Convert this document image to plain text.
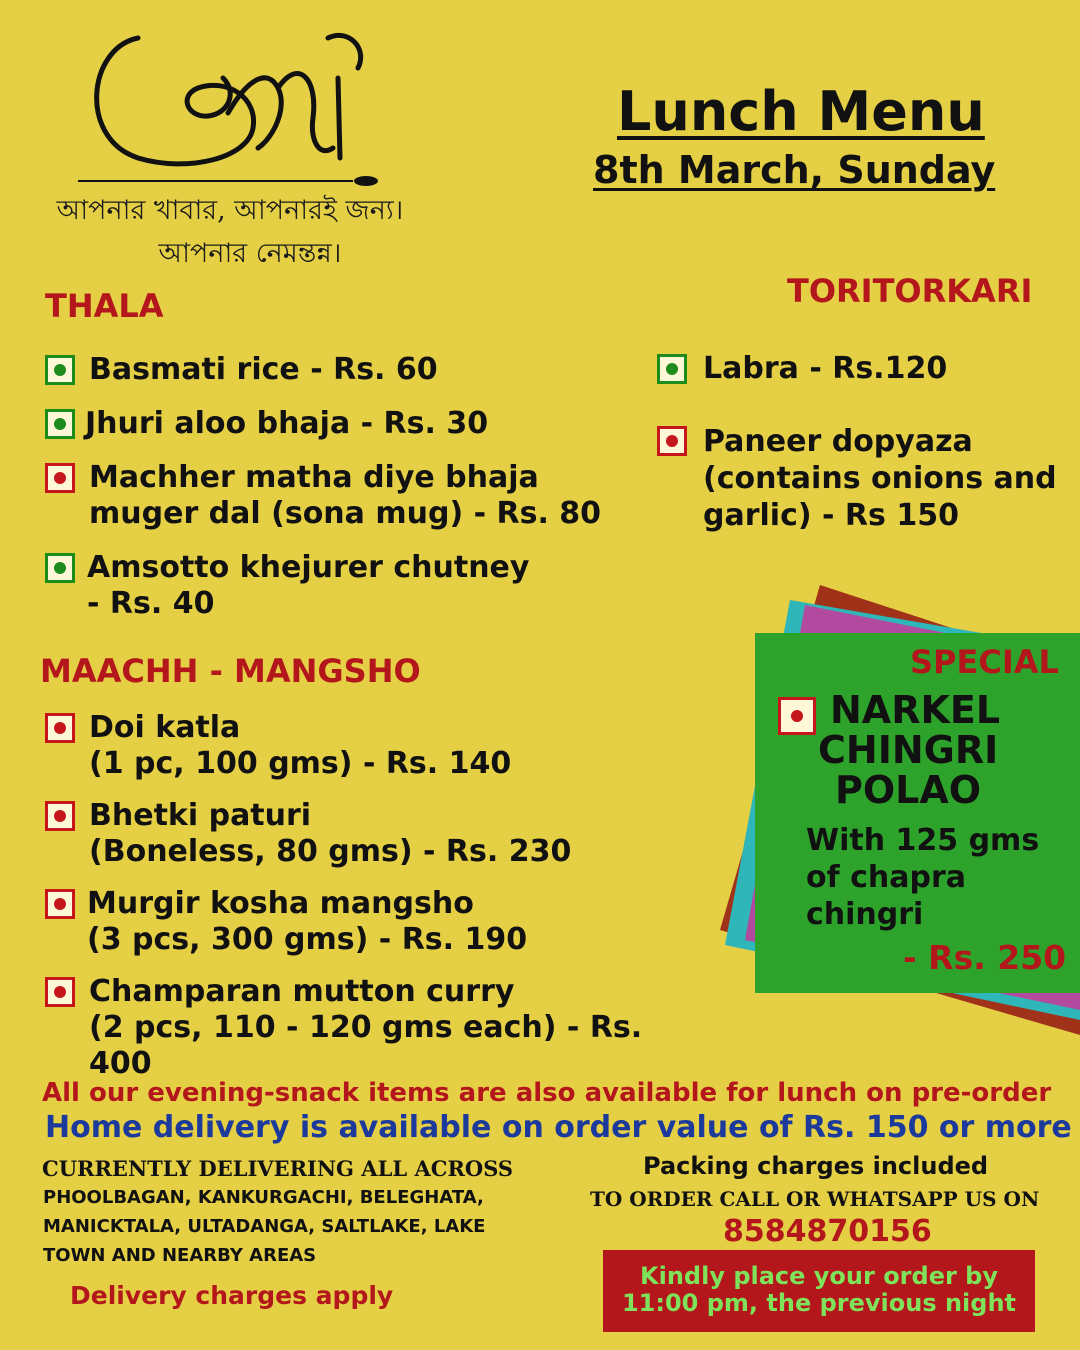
ভোজনী
আপনার খাবার, আপনারই জন্য।
আপনার নেমন্তন্ন।
Lunch Menu
8th March, Sunday
THALA
Basmati rice - Rs. 60
Jhuri aloo bhaja - Rs. 30
Machher matha diye bhaja
muger dal (sona mug) - Rs. 80
Amsotto khejurer chutney
- Rs. 40
TORITORKARI
Labra - Rs.120
Paneer dopyaza
(contains onions and
garlic) - Rs 150
MAACHH - MANGSHO
Doi katla
(1 pc, 100 gms) - Rs. 140
Bhetki paturi
(Boneless, 80 gms) - Rs. 230
Murgir kosha mangsho
(3 pcs, 300 gms) - Rs. 190
Champaran mutton curry
(2 pcs, 110 - 120 gms each) - Rs. 400
SPECIAL
NARKEL
CHINGRI
POLAO
With 125 gms
of chapra
chingri
- Rs. 250
All our evening-snack items are also available for lunch on pre-order
Home delivery is available on order value of Rs. 150 or more
CURRENTLY DELIVERING ALL ACROSS
PHOOLBAGAN, KANKURGACHI, BELEGHATA,
MANICKTALA, ULTADANGA, SALTLAKE, LAKE
TOWN AND NEARBY AREAS
Delivery charges apply
Packing charges included
TO ORDER CALL OR WHATSAPP US ON
8584870156
Kindly place your order by
11:00 pm, the previous night
